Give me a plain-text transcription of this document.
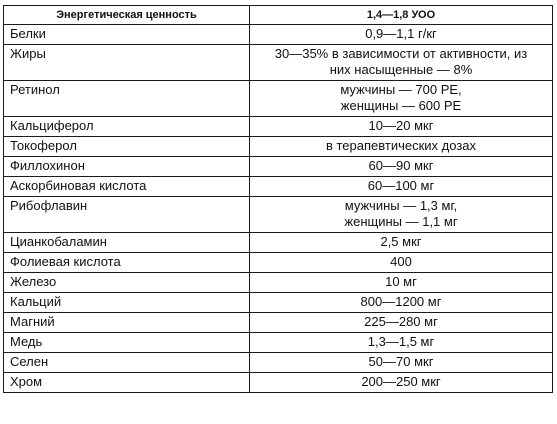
Энергетическая ценность	1,4—1,8 УОО
Белки	0,9—1,1 г/кг

Жиры	30—35% в зависимости от активности, из
них насыщенные — 8%

Ретинол	мужчины — 700 РЕ,
женщины — 600 РЕ

Кальциферол	10—20 мкг

Токоферол	в терапевтических дозах

Филлохинон	60—90 мкг

Аскорбиновая кислота	60—100 мг

Рибофлавин	мужчины — 1,3 мг,
женщины — 1,1 мг

Цианкобаламин	2,5 мкг

Фолиевая кислота	400

Железо	10 мг

Кальций	800—1200 мг

Магний	225—280 мг

Медь	1,3—1,5 мг

Селен	50—70 мкг

Хром	200—250 мкг
